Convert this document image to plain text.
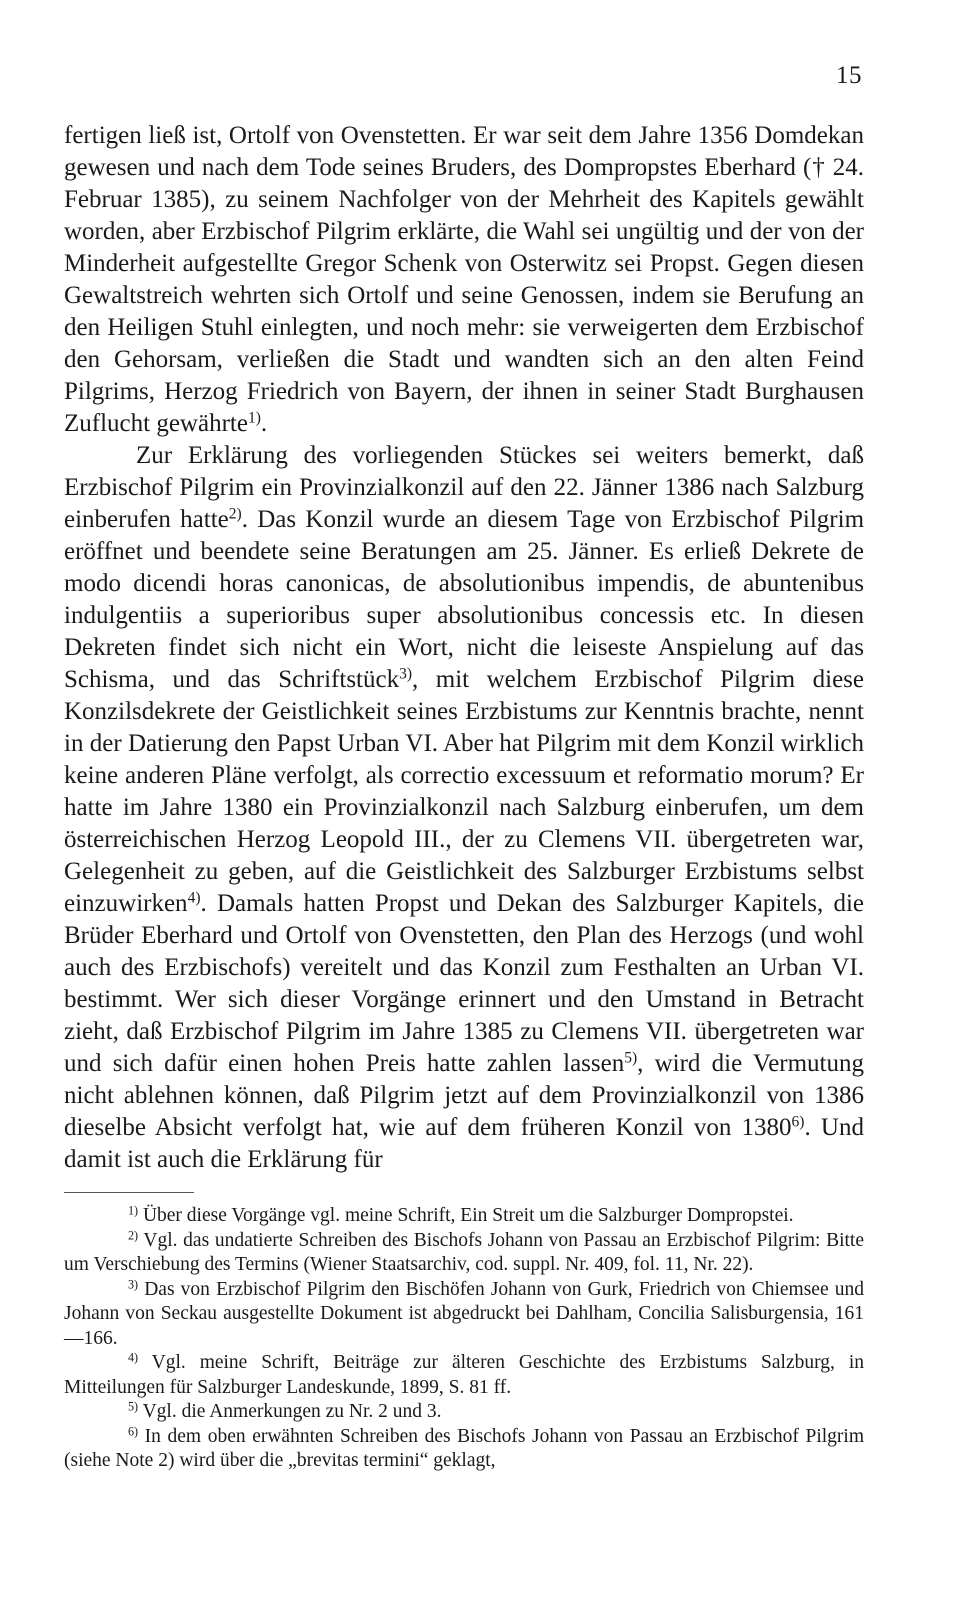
15

fertigen ließ ist, Ortolf von Ovenstetten. Er war seit dem Jahre 1356 Domdekan gewesen und nach dem Tode seines Bruders, des Dompropstes Eberhard († 24. Februar 1385), zu seinem Nachfolger von der Mehrheit des Kapitels gewählt worden, aber Erzbischof Pilgrim erklärte, die Wahl sei ungültig und der von der Minderheit aufgestellte Gregor Schenk von Osterwitz sei Propst. Gegen diesen Gewaltstreich wehrten sich Ortolf und seine Genossen, indem sie Berufung an den Heiligen Stuhl einlegten, und noch mehr: sie verweigerten dem Erzbischof den Gehorsam, verließen die Stadt und wandten sich an den alten Feind Pilgrims, Herzog Friedrich von Bayern, der ihnen in seiner Stadt Burghausen Zuflucht gewährte$^{1)}$.

Zur Erklärung des vorliegenden Stückes sei weiters bemerkt, daß Erzbischof Pilgrim ein Provinzialkonzil auf den 22. Jänner 1386 nach Salzburg einberufen hatte$^{2)}$. Das Konzil wurde an diesem Tage von Erzbischof Pilgrim eröffnet und beendete seine Beratungen am 25. Jänner. Es erließ Dekrete de modo dicendi horas canonicas, de absolutionibus impendis, de abuntenibus indulgentiis a superioribus super absolutionibus concessis etc. In diesen Dekreten findet sich nicht ein Wort, nicht die leiseste Anspielung auf das Schisma, und das Schriftstück$^{3)}$, mit welchem Erzbischof Pilgrim diese Konzilsdekrete der Geistlichkeit seines Erzbistums zur Kenntnis brachte, nennt in der Datierung den Papst Urban VI. Aber hat Pilgrim mit dem Konzil wirklich keine anderen Pläne verfolgt, als correctio excessuum et reformatio morum? Er hatte im Jahre 1380 ein Provinzialkonzil nach Salzburg einberufen, um dem österreichischen Herzog Leopold III., der zu Clemens VII. übergetreten war, Gelegenheit zu geben, auf die Geistlichkeit des Salzburger Erzbistums selbst einzuwirken$^{4)}$. Damals hatten Propst und Dekan des Salzburger Kapitels, die Brüder Eberhard und Ortolf von Ovenstetten, den Plan des Herzogs (und wohl auch des Erzbischofs) vereitelt und das Konzil zum Festhalten an Urban VI. bestimmt. Wer sich dieser Vorgänge erinnert und den Umstand in Betracht zieht, daß Erzbischof Pilgrim im Jahre 1385 zu Clemens VII. übergetreten war und sich dafür einen hohen Preis hatte zahlen lassen$^{5)}$, wird die Vermutung nicht ablehnen können, daß Pilgrim jetzt auf dem Provinzialkonzil von 1386 dieselbe Absicht verfolgt hat, wie auf dem früheren Konzil von 1380$^{6)}$. Und damit ist auch die Erklärung für

$^{1)}$ Über diese Vorgänge vgl. meine Schrift, Ein Streit um die Salzburger Dompropstei.

$^{2)}$ Vgl. das undatierte Schreiben des Bischofs Johann von Passau an Erzbischof Pilgrim: Bitte um Verschiebung des Termins (Wiener Staatsarchiv, cod. suppl. Nr. 409, fol. 11, Nr. 22).

$^{3)}$ Das von Erzbischof Pilgrim den Bischöfen Johann von Gurk, Friedrich von Chiemsee und Johann von Seckau ausgestellte Dokument ist abgedruckt bei Dahlham, Concilia Salisburgensia, 161—166.

$^{4)}$ Vgl. meine Schrift, Beiträge zur älteren Geschichte des Erzbistums Salzburg, in Mitteilungen für Salzburger Landeskunde, 1899, S. 81 ff.

$^{5)}$ Vgl. die Anmerkungen zu Nr. 2 und 3.

$^{6)}$ In dem oben erwähnten Schreiben des Bischofs Johann von Passau an Erzbischof Pilgrim (siehe Note 2) wird über die „brevitas termini“ geklagt,
